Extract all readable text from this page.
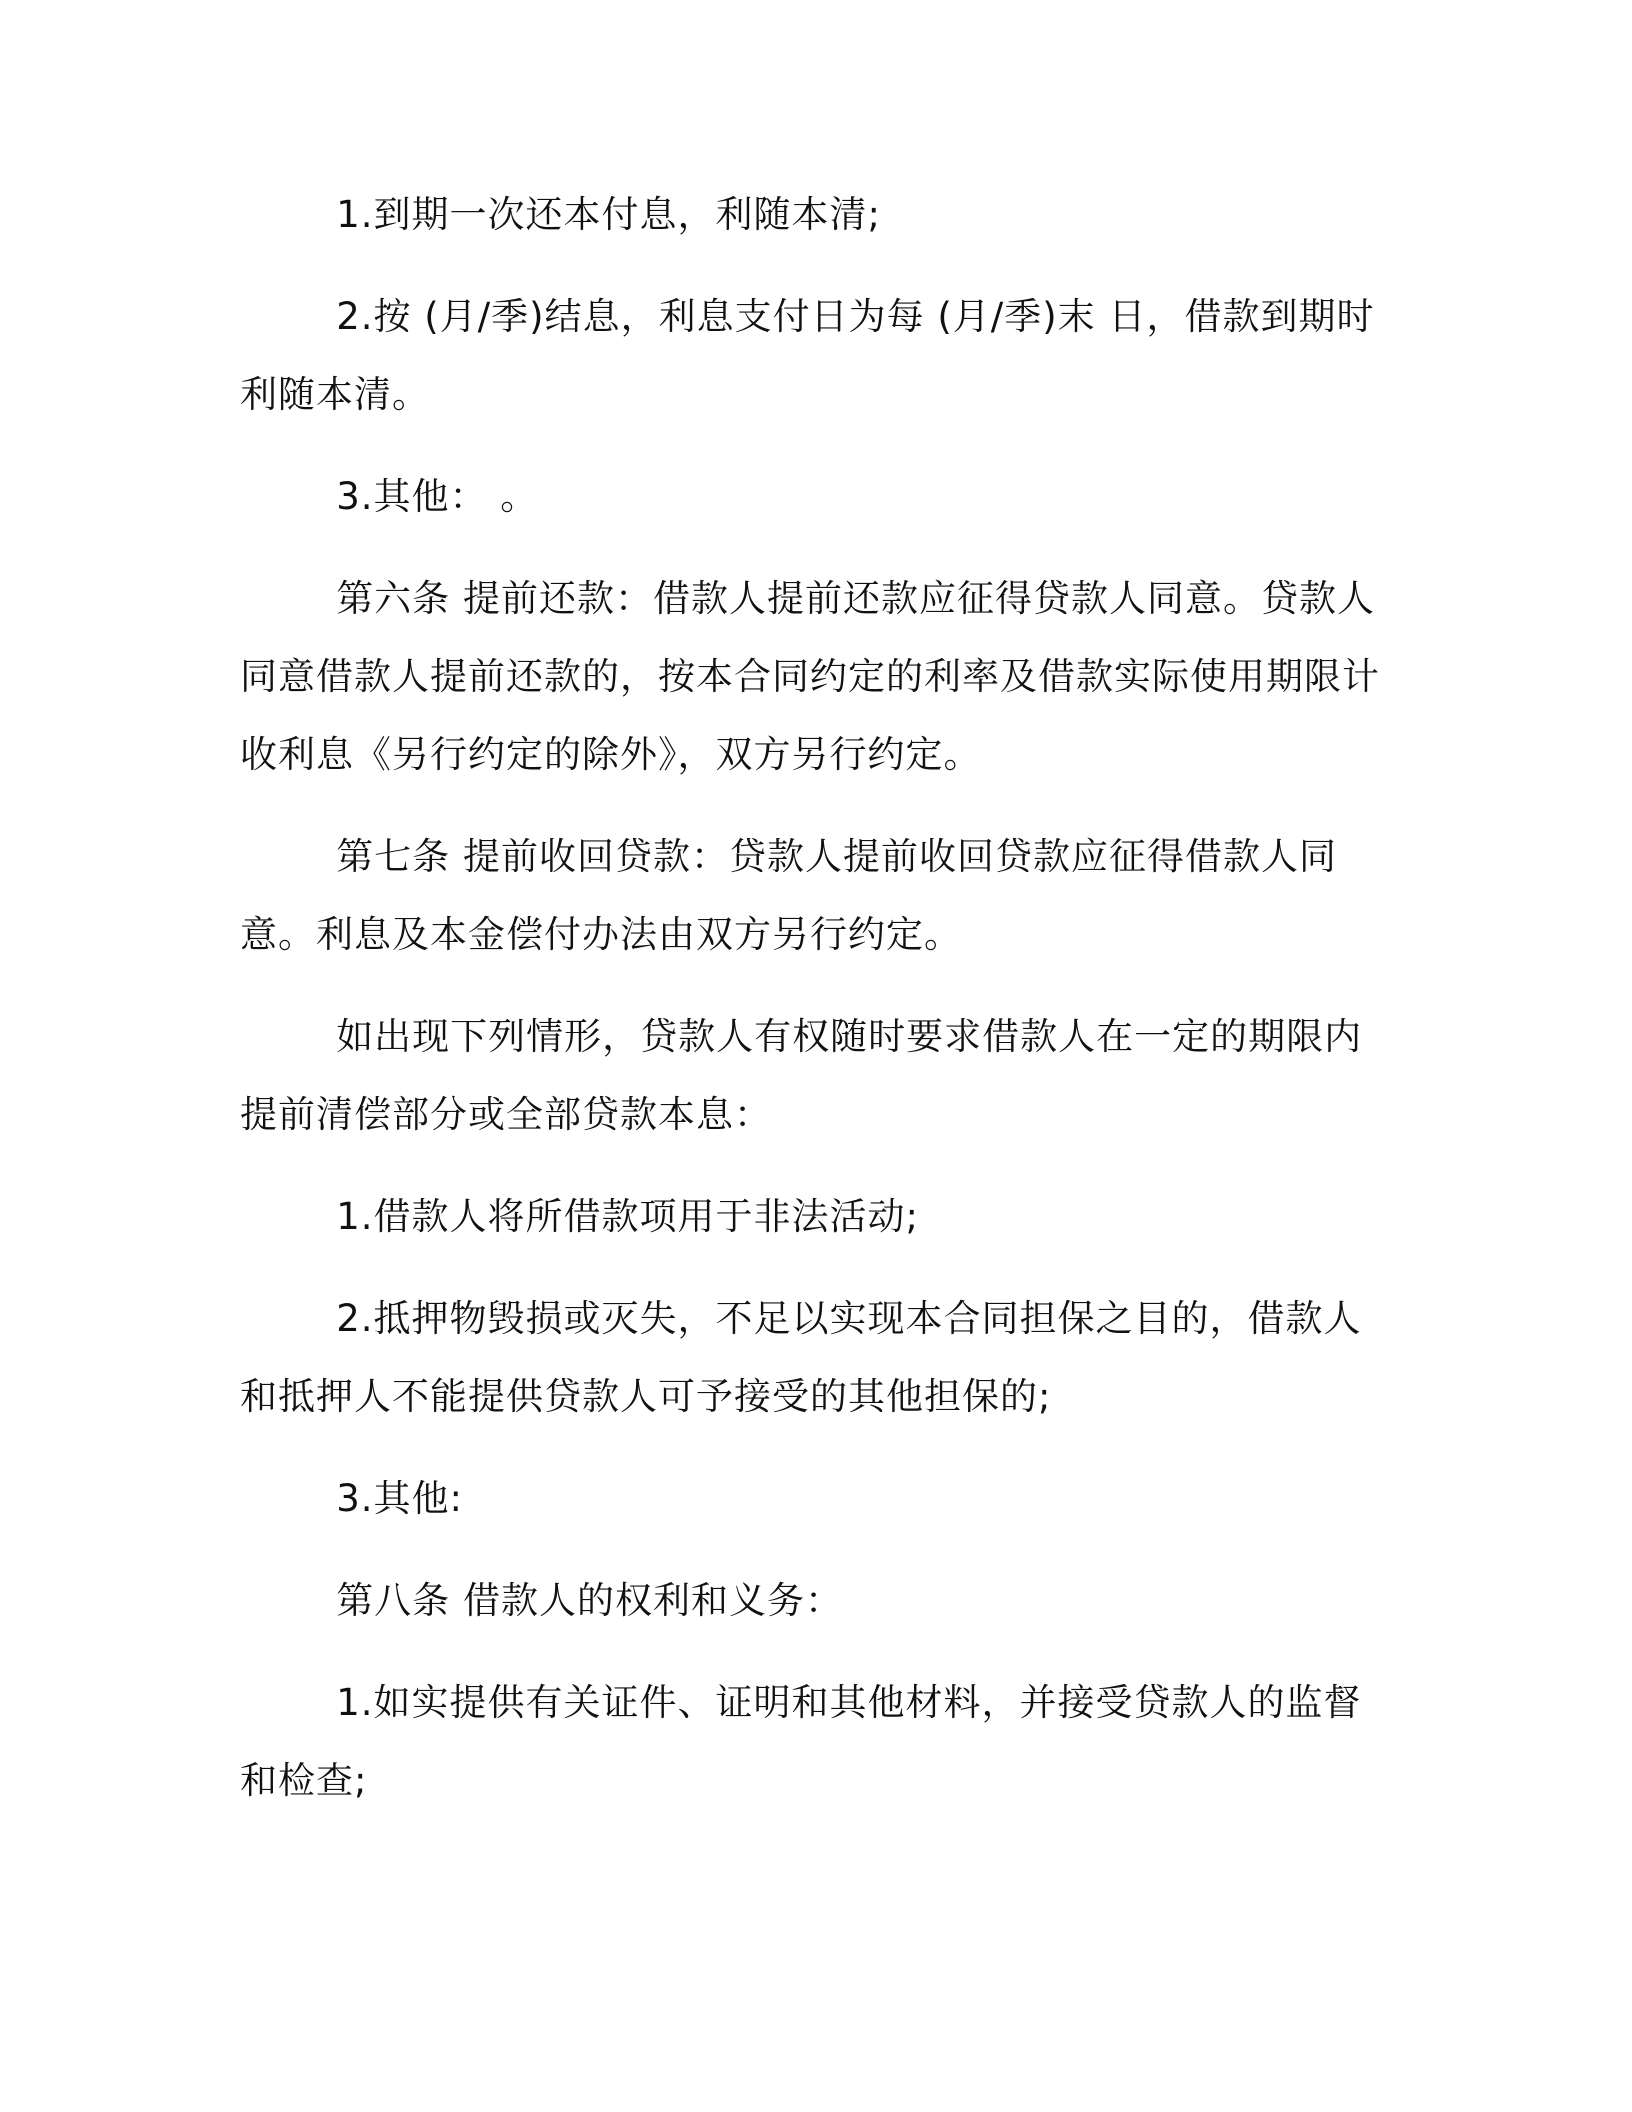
1.到期一次还本付息，利随本清;

2.按 (月/季)结息，利息支付日为每 (月/季)末 日，借款到期时利随本清。

3.其他： 。

第六条 提前还款：借款人提前还款应征得贷款人同意。贷款人同意借款人提前还款的，按本合同约定的利率及借款实际使用期限计收利息《另行约定的除外》，双方另行约定。

第七条 提前收回贷款：贷款人提前收回贷款应征得借款人同意。利息及本金偿付办法由双方另行约定。

如出现下列情形，贷款人有权随时要求借款人在一定的期限内提前清偿部分或全部贷款本息：

1.借款人将所借款项用于非法活动;

2.抵押物毁损或灭失，不足以实现本合同担保之目的，借款人和抵押人不能提供贷款人可予接受的其他担保的;

3.其他:

第八条 借款人的权利和义务：

1.如实提供有关证件、证明和其他材料，并接受贷款人的监督和检查;
